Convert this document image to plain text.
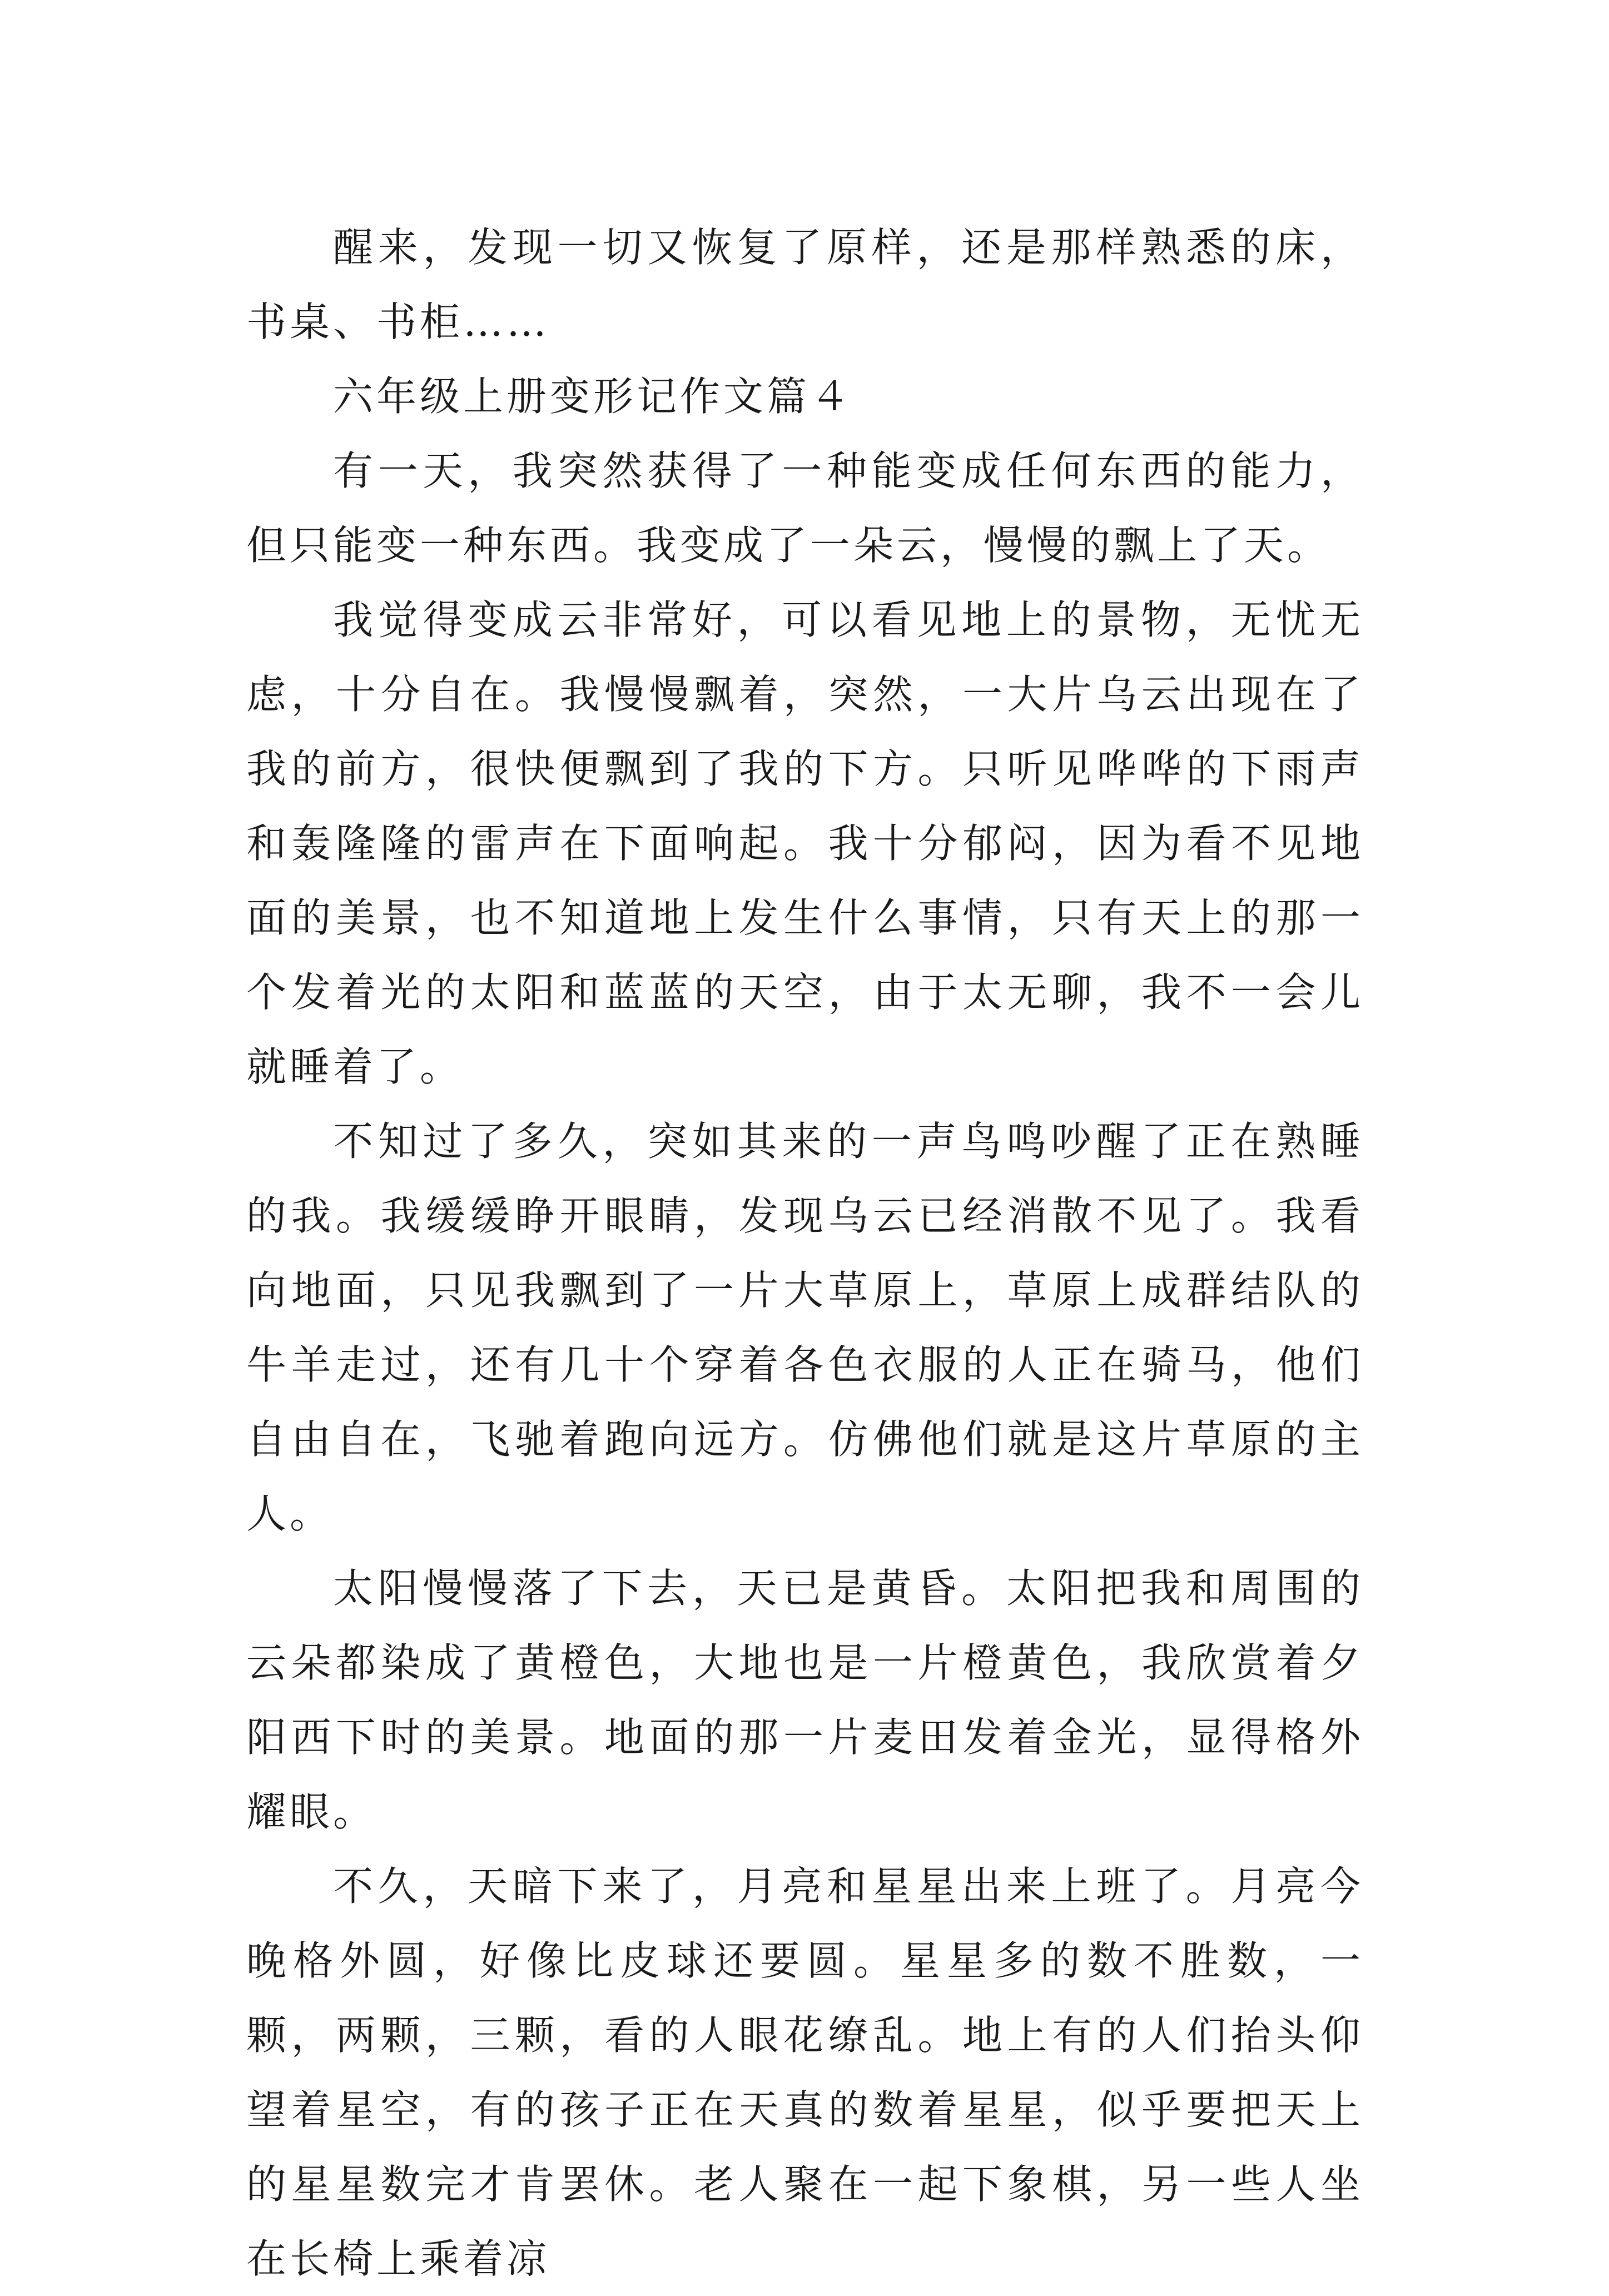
醒来，发现一切又恢复了原样，还是那样熟悉的床，书桌、书柜……

六年级上册变形记作文篇４

有一天，我突然获得了一种能变成任何东西的能力，但只能变一种东西。我变成了一朵云，慢慢的飘上了天。

我觉得变成云非常好，可以看见地上的景物，无忧无虑，十分自在。我慢慢飘着，突然，一大片乌云出现在了我的前方，很快便飘到了我的下方。只听见哗哗的下雨声和轰隆隆的雷声在下面响起。我十分郁闷，因为看不见地面的美景，也不知道地上发生什么事情，只有天上的那一个发着光的太阳和蓝蓝的天空，由于太无聊，我不一会儿就睡着了。

不知过了多久，突如其来的一声鸟鸣吵醒了正在熟睡的我。我缓缓睁开眼睛，发现乌云已经消散不见了。我看向地面，只见我飘到了一片大草原上，草原上成群结队的牛羊走过，还有几十个穿着各色衣服的人正在骑马，他们自由自在，飞驰着跑向远方。仿佛他们就是这片草原的主人。

太阳慢慢落了下去，天已是黄昏。太阳把我和周围的云朵都染成了黄橙色，大地也是一片橙黄色，我欣赏着夕阳西下时的美景。地面的那一片麦田发着金光，显得格外耀眼。

不久，天暗下来了，月亮和星星出来上班了。月亮今晚格外圆，好像比皮球还要圆。星星多的数不胜数，一颗，两颗，三颗，看的人眼花缭乱。地上有的人们抬头仰望着星空，有的孩子正在天真的数着星星，似乎要把天上的星星数完才肯罢休。老人聚在一起下象棋，另一些人坐在长椅上乘着凉
